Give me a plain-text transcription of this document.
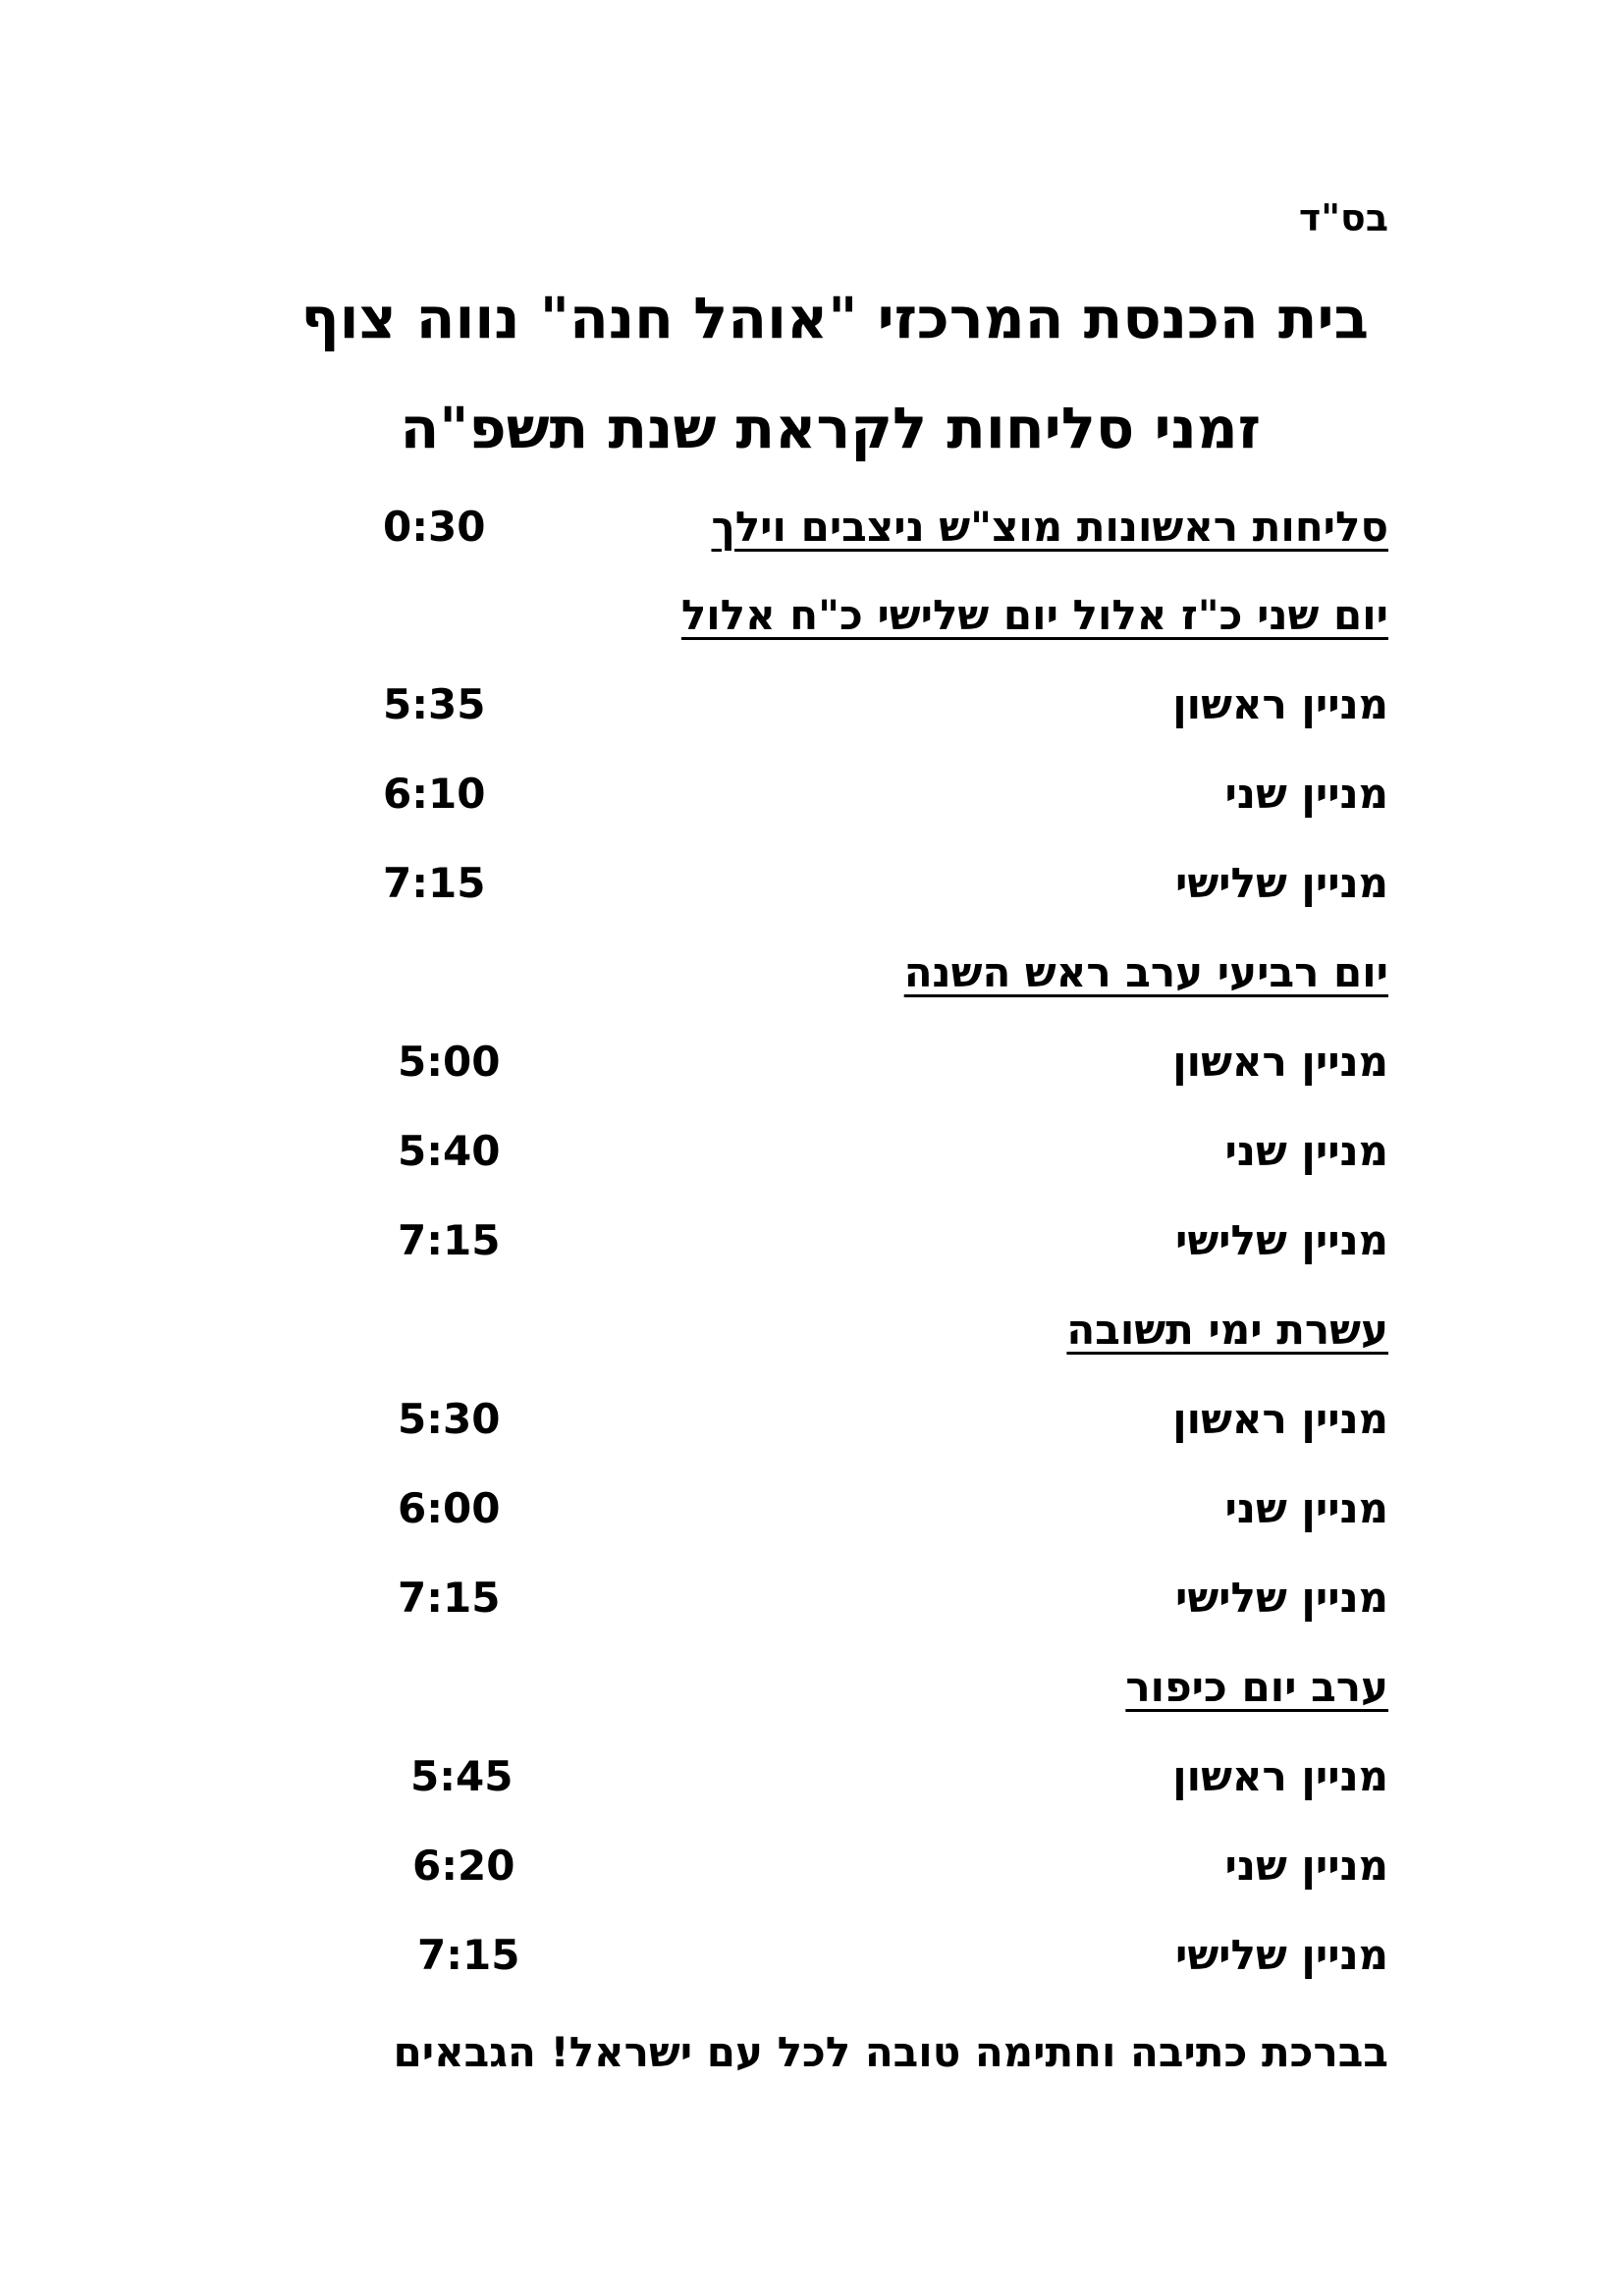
בס"ד
בית הכנסת המרכזי "אוהל חנה" נווה צוף
זמני סליחות לקראת שנת תשפ"ה
סליחות ראשונות מוצ"ש ניצבים וילך
0:30
יום שני כ"ז אלול יום שלישי כ"ח אלול
מניין ראשון
5:35
מניין שני
6:10
מניין שלישי
7:15
יום רביעי ערב ראש השנה
מניין ראשון
5:00
מניין שני
5:40
מניין שלישי
7:15
עשרת ימי תשובה
מניין ראשון
5:30
מניין שני
6:00
מניין שלישי
7:15
ערב יום כיפור
מניין ראשון
5:45
מניין שני
6:20
מניין שלישי
7:15
בברכת כתיבה וחתימה טובה לכל עם ישראל! הגבאים
